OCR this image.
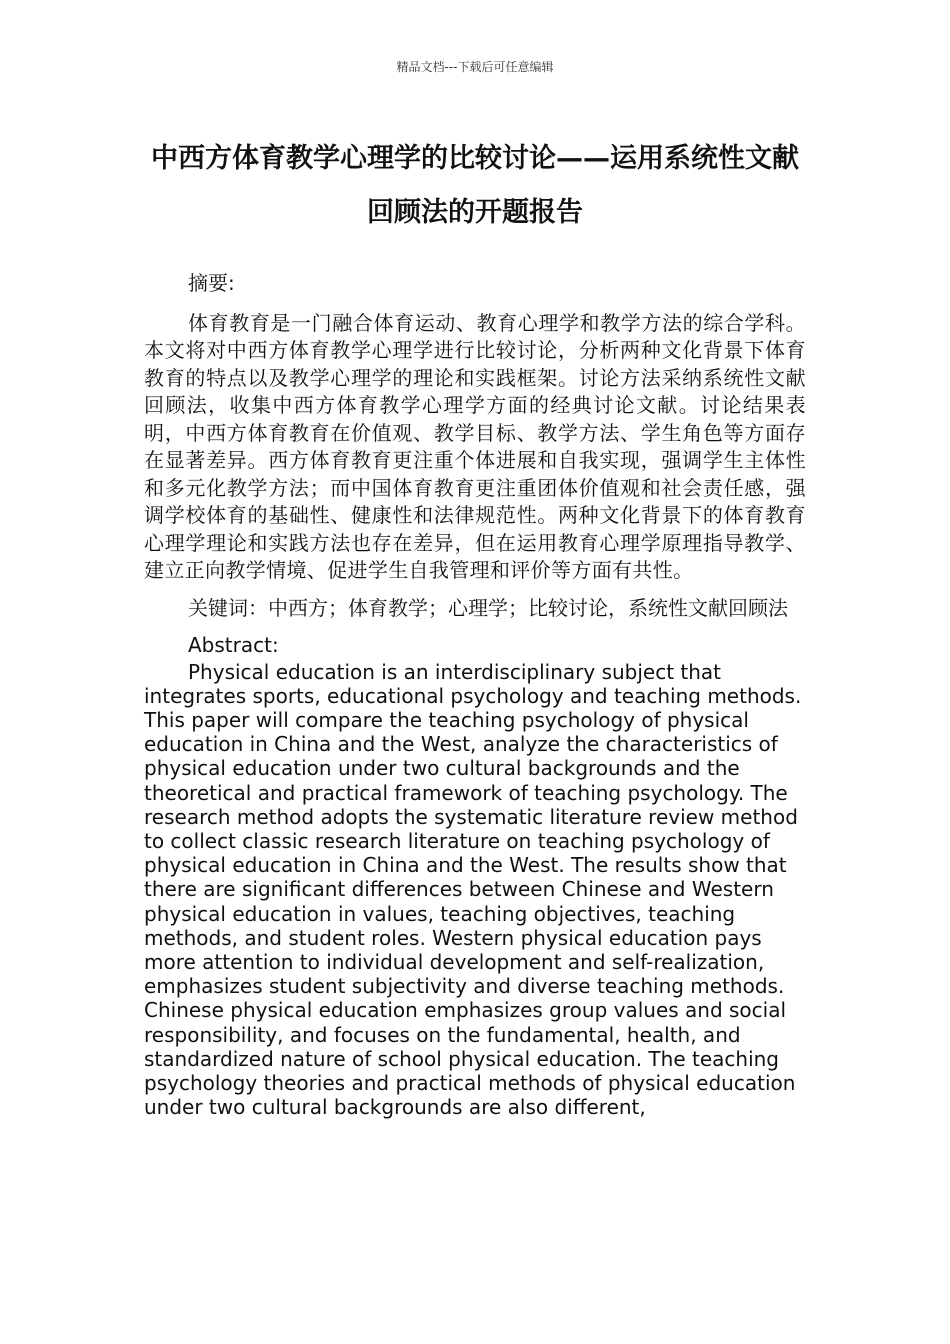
精品文档---下载后可任意编辑

中西方体育教学心理学的比较讨论——运用系统性文献回顾法的开题报告

摘要:

体育教育是一门融合体育运动、教育心理学和教学方法的综合学科。本文将对中西方体育教学心理学进行比较讨论，分析两种文化背景下体育教育的特点以及教学心理学的理论和实践框架。讨论方法采纳系统性文献回顾法，收集中西方体育教学心理学方面的经典讨论文献。讨论结果表明，中西方体育教育在价值观、教学目标、教学方法、学生角色等方面存在显著差异。西方体育教育更注重个体进展和自我实现，强调学生主体性和多元化教学方法；而中国体育教育更注重团体价值观和社会责任感，强调学校体育的基础性、健康性和法律规范性。两种文化背景下的体育教育心理学理论和实践方法也存在差异，但在运用教育心理学原理指导教学、建立正向教学情境、促进学生自我管理和评价等方面有共性。

关键词：中西方；体育教学；心理学；比较讨论，系统性文献回顾法

Abstract:

Physical education is an interdisciplinary subject that integrates sports, educational psychology and teaching methods. This paper will compare the teaching psychology of physical education in China and the West, analyze the characteristics of physical education under two cultural backgrounds and the theoretical and practical framework of teaching psychology. The research method adopts the systematic literature review method to collect classic research literature on teaching psychology of physical education in China and the West. The results show that there are significant differences between Chinese and Western physical education in values, teaching objectives, teaching methods, and student roles. Western physical education pays more attention to individual development and self-realization, emphasizes student subjectivity and diverse teaching methods. Chinese physical education emphasizes group values and social responsibility, and focuses on the fundamental, health, and standardized nature of school physical education. The teaching psychology theories and practical methods of physical education under two cultural backgrounds are also different,
